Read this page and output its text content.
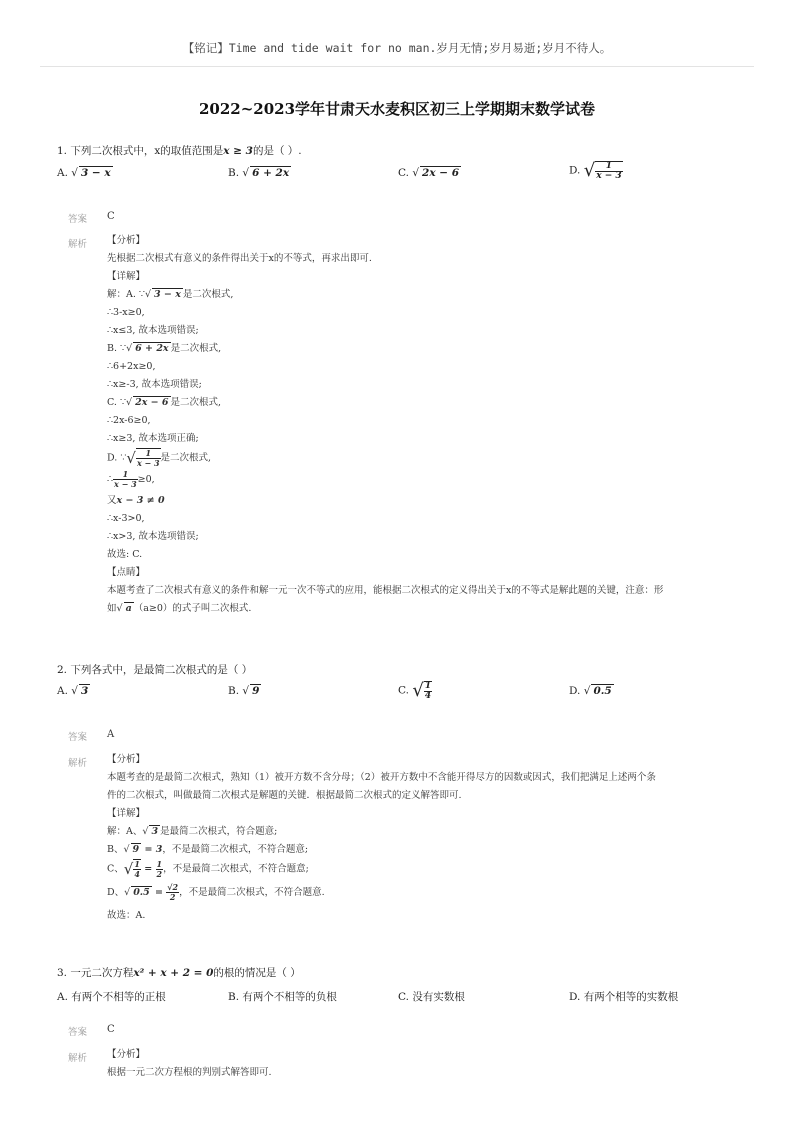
【铭记】Time and tide wait for no man.岁月无情;岁月易逝;岁月不待人。
2022~2023学年甘肃天水麦积区初三上学期期末数学试卷
1. 下列二次根式中，x的取值范围是x ≥ 3的是（ ）.
A. √ 3 − x	B. √ 6 + 2x	C. √ 2x − 6	D. √ $\frac{1}{x - 3}$
答案 C
解析 【分析】
先根据二次根式有意义的条件得出关于x的不等式，再求出即可.
【详解】
解：A. ∵√ 3 − x 是二次根式,
∴3-x≥0,
∴x≤3, 故本选项错误;
B. ∵√ 6 + 2x 是二次根式,
∴6+2x≥0,
∴x≥-3, 故本选项错误;
C. ∵√ 2x − 6 是二次根式,
∴2x-6≥0,
∴x≥3, 故本选项正确;
D. ∵√ $\frac{1}{x - 3}$ 是二次根式,
∴ $\frac{1}{x - 3} \ge 0$,
又x − 3 ≠ 0
∴x-3>0,
∴x>3, 故本选项错误;
故选: C.
【点睛】
本题考查了二次根式有意义的条件和解一元一次不等式的应用，能根据二次根式的定义得出关于x的不等式是解此题的关键，注意：形
如√ a （a≥0）的式子叫二次根式.
2. 下列各式中，是最简二次根式的是（ ）
A. √ 3	B. √ 9	C. √ $\frac{1}{4}$	D. √ 0.5
答案 A
解析 【分析】
本题考查的是最简二次根式，熟知（1）被开方数不含分母；（2）被开方数中不含能开得尽方的因数或因式，我们把满足上述两个条
件的二次根式，叫做最简二次根式是解题的关键．根据最简二次根式的定义解答即可.
【详解】
解：A、√ 3 是最简二次根式，符合题意;
B、√ 9 = 3，不是最简二次根式，不符合题意;
C、√ $\frac{1}{4} = \frac{1}{2}$ ，不是最简二次根式，不符合题意;
D、√ $0.5 = \frac{√2}{2}$ ，不是最简二次根式，不符合题意.
故选：A.
3. 一元二次方程x² + x + 2 = 0的根的情况是（ ）
A. 有两个不相等的正根	B. 有两个不相等的负根	C. 没有实数根	D. 有两个相等的实数根
答案 C
解析 【分析】
根据一元二次方程根的判别式解答即可.
